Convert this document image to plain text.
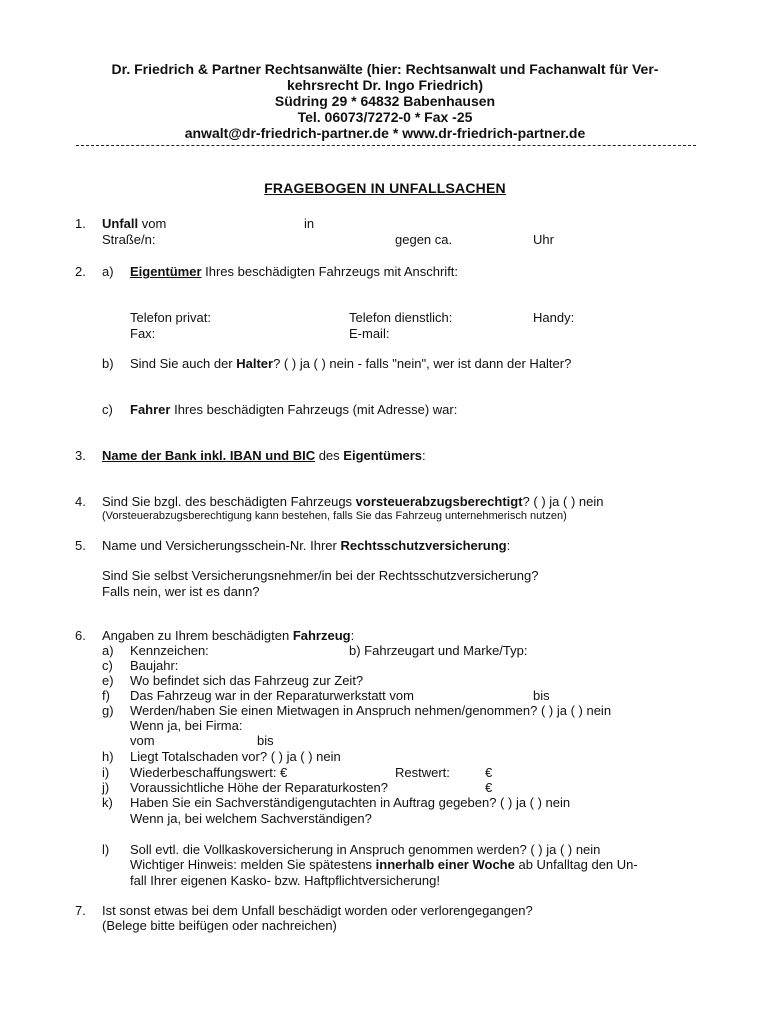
Dr. Friedrich & Partner Rechtsanwälte (hier: Rechtsanwalt und Fachanwalt für Ver-
kehrsrecht Dr. Ingo Friedrich)
Südring 29 * 64832 Babenhausen
Tel. 06073/7272-0 * Fax -25
anwalt@dr-friedrich-partner.de * www.dr-friedrich-partner.de
FRAGEBOGEN IN UNFALLSACHEN
1. Unfall vom	in
Straße/n:	gegen ca.	Uhr
2. a) Eigentümer Ihres beschädigten Fahrzeugs mit Anschrift:
Telefon privat:	Telefon dienstlich:	Handy:
Fax:	E-mail:
b) Sind Sie auch der Halter? ( ) ja ( ) nein - falls "nein", wer ist dann der Halter?
c) Fahrer Ihres beschädigten Fahrzeugs (mit Adresse) war:
3. Name der Bank inkl. IBAN und BIC des Eigentümers:
4. Sind Sie bzgl. des beschädigten Fahrzeugs vorsteuerabzugsberechtigt? ( ) ja ( ) nein
(Vorsteuerabzugsberechtigung kann bestehen, falls Sie das Fahrzeug unternehmerisch nutzen)
5. Name und Versicherungsschein-Nr. Ihrer Rechtsschutzversicherung:
Sind Sie selbst Versicherungsnehmer/in bei der Rechtsschutzversicherung?
Falls nein, wer ist es dann?
6. Angaben zu Ihrem beschädigten Fahrzeug:
a) Kennzeichen:	b) Fahrzeugart und Marke/Typ:
c) Baujahr:
e) Wo befindet sich das Fahrzeug zur Zeit?
f) Das Fahrzeug war in der Reparaturwerkstatt vom	bis
g) Werden/haben Sie einen Mietwagen in Anspruch nehmen/genommen? ( ) ja ( ) nein
Wenn ja, bei Firma:
vom	bis
h) Liegt Totalschaden vor? ( ) ja ( ) nein
i) Wiederbeschaffungswert: €	Restwert:	€
j) Voraussichtliche Höhe der Reparaturkosten?	€
k) Haben Sie ein Sachverständigengutachten in Auftrag gegeben? ( ) ja ( ) nein
Wenn ja, bei welchem Sachverständigen?
l) Soll evtl. die Vollkaskoversicherung in Anspruch genommen werden? ( ) ja ( ) nein
Wichtiger Hinweis: melden Sie spätestens innerhalb einer Woche ab Unfalltag den Un-
fall Ihrer eigenen Kasko- bzw. Haftpflichtversicherung!
7. Ist sonst etwas bei dem Unfall beschädigt worden oder verlorengegangen?
(Belege bitte beifügen oder nachreichen)
